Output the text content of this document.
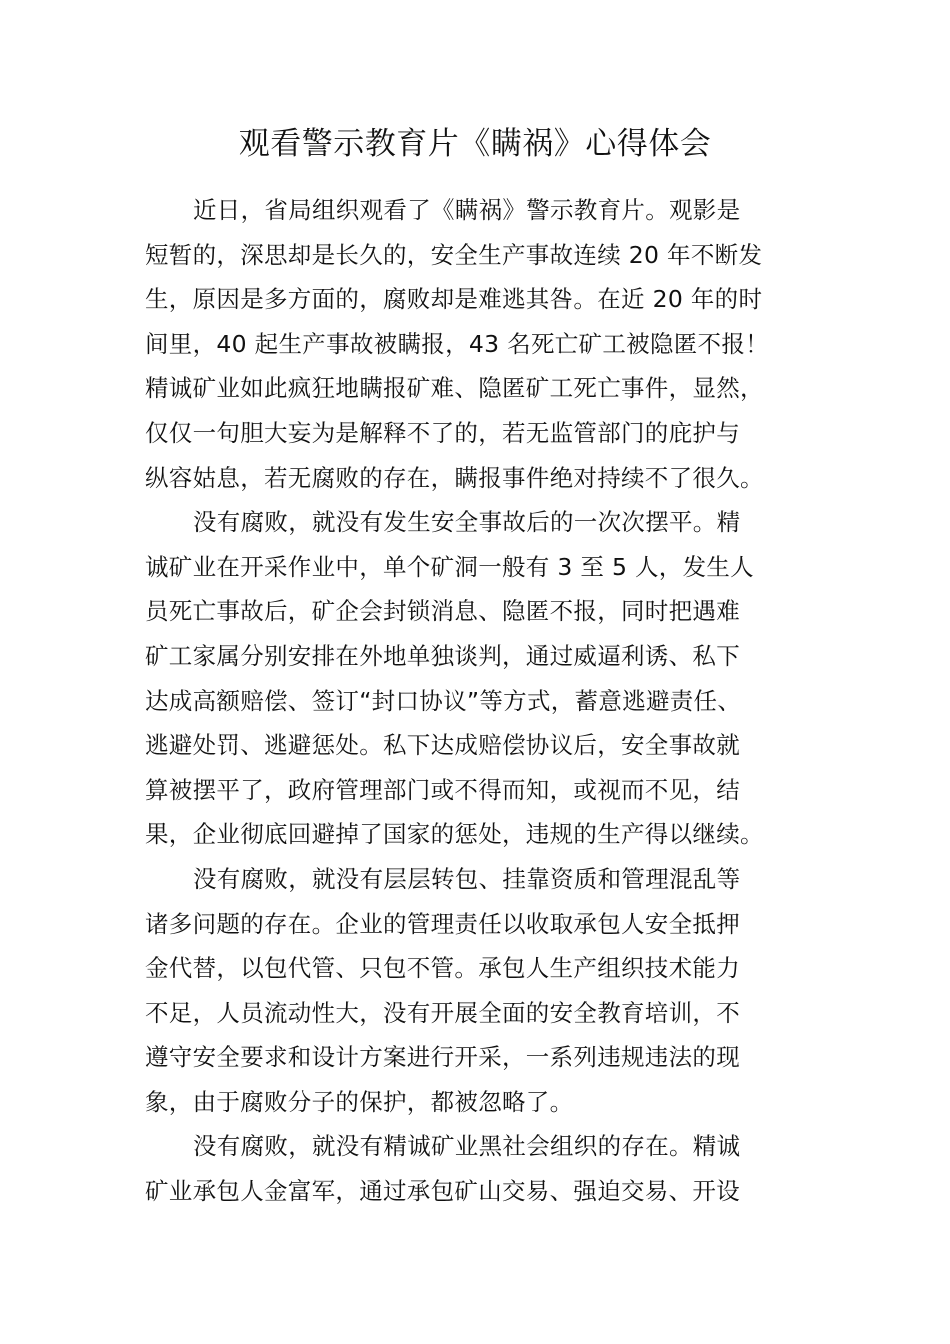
观看警示教育片《瞒祸》心得体会
近日，省局组织观看了《瞒祸》警示教育片。观影是
短暂的，深思却是长久的，安全生产事故连续 20 年不断发
生，原因是多方面的，腐败却是难逃其咎。在近 20 年的时
间里，40 起生产事故被瞒报，43 名死亡矿工被隐匿不报！
精诚矿业如此疯狂地瞒报矿难、隐匿矿工死亡事件，显然，
仅仅一句胆大妄为是解释不了的，若无监管部门的庇护与
纵容姑息，若无腐败的存在，瞒报事件绝对持续不了很久。
没有腐败，就没有发生安全事故后的一次次摆平。精
诚矿业在开采作业中，单个矿洞一般有 3 至 5 人，发生人
员死亡事故后，矿企会封锁消息、隐匿不报，同时把遇难
矿工家属分别安排在外地单独谈判，通过威逼利诱、私下
达成高额赔偿、签订“封口协议”等方式，蓄意逃避责任、
逃避处罚、逃避惩处。私下达成赔偿协议后，安全事故就
算被摆平了，政府管理部门或不得而知，或视而不见，结
果，企业彻底回避掉了国家的惩处，违规的生产得以继续。
没有腐败，就没有层层转包、挂靠资质和管理混乱等
诸多问题的存在。企业的管理责任以收取承包人安全抵押
金代替，以包代管、只包不管。承包人生产组织技术能力
不足，人员流动性大，没有开展全面的安全教育培训，不
遵守安全要求和设计方案进行开采，一系列违规违法的现
象，由于腐败分子的保护，都被忽略了。
没有腐败，就没有精诚矿业黑社会组织的存在。精诚
矿业承包人金富军，通过承包矿山交易、强迫交易、开设
